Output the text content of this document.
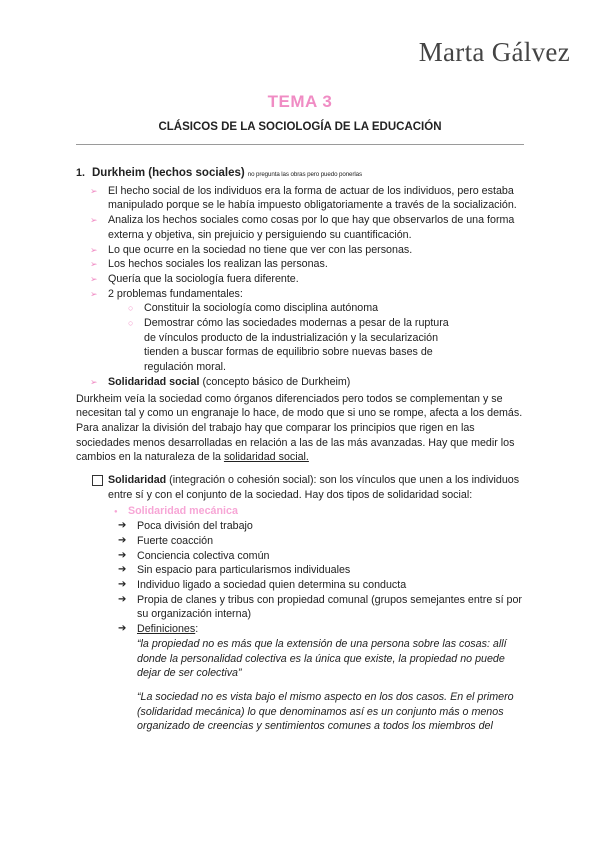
Marta Gálvez
TEMA 3
CLÁSICOS DE LA SOCIOLOGÍA DE LA EDUCACIÓN
1. Durkheim (hechos sociales) no pregunta las obras pero puedo ponerlas
➢ El hecho social de los individuos era la forma de actuar de los individuos, pero estaba manipulado porque se le había impuesto obligatoriamente a través de la socialización.
➢ Analiza los hechos sociales como cosas por lo que hay que observarlos de una forma externa y objetiva, sin prejuicio y persiguiendo su cuantificación.
➢ Lo que ocurre en la sociedad no tiene que ver con las personas.
➢ Los hechos sociales los realizan las personas.
➢ Quería que la sociología fuera diferente.
➢ 2 problemas fundamentales:
○ Constituir la sociología como disciplina autónoma
○ Demostrar cómo las sociedades modernas a pesar de la ruptura de vínculos producto de la industrialización y la secularización tienden a buscar formas de equilibrio sobre nuevas bases de regulación moral.
➢ Solidaridad social (concepto básico de Durkheim)
Durkheim veía la sociedad como órganos diferenciados pero todos se complementan y se necesitan tal y como un engranaje lo hace, de modo que si uno se rompe, afecta a los demás.
Para analizar la división del trabajo hay que comparar los principios que rigen en las sociedades menos desarrolladas en relación a las de las más avanzadas. Hay que medir los cambios en la naturaleza de la solidaridad social.
Solidaridad (integración o cohesión social): son los vínculos que unen a los individuos entre sí y con el conjunto de la sociedad. Hay dos tipos de solidaridad social:
● Solidaridad mecánica
➔ Poca división del trabajo
➔ Fuerte coacción
➔ Conciencia colectiva común
➔ Sin espacio para particularismos individuales
➔ Individuo ligado a sociedad quien determina su conducta
➔ Propia de clanes y tribus con propiedad comunal (grupos semejantes entre sí por su organización interna)
➔ Definiciones:
“la propiedad no es más que la extensión de una persona sobre las cosas: allí donde la personalidad colectiva es la única que existe, la propiedad no puede dejar de ser colectiva”
“La sociedad no es vista bajo el mismo aspecto en los dos casos. En el primero (solidaridad mecánica) lo que denominamos así es un conjunto más o menos organizado de creencias y sentimientos comunes a todos los miembros del
